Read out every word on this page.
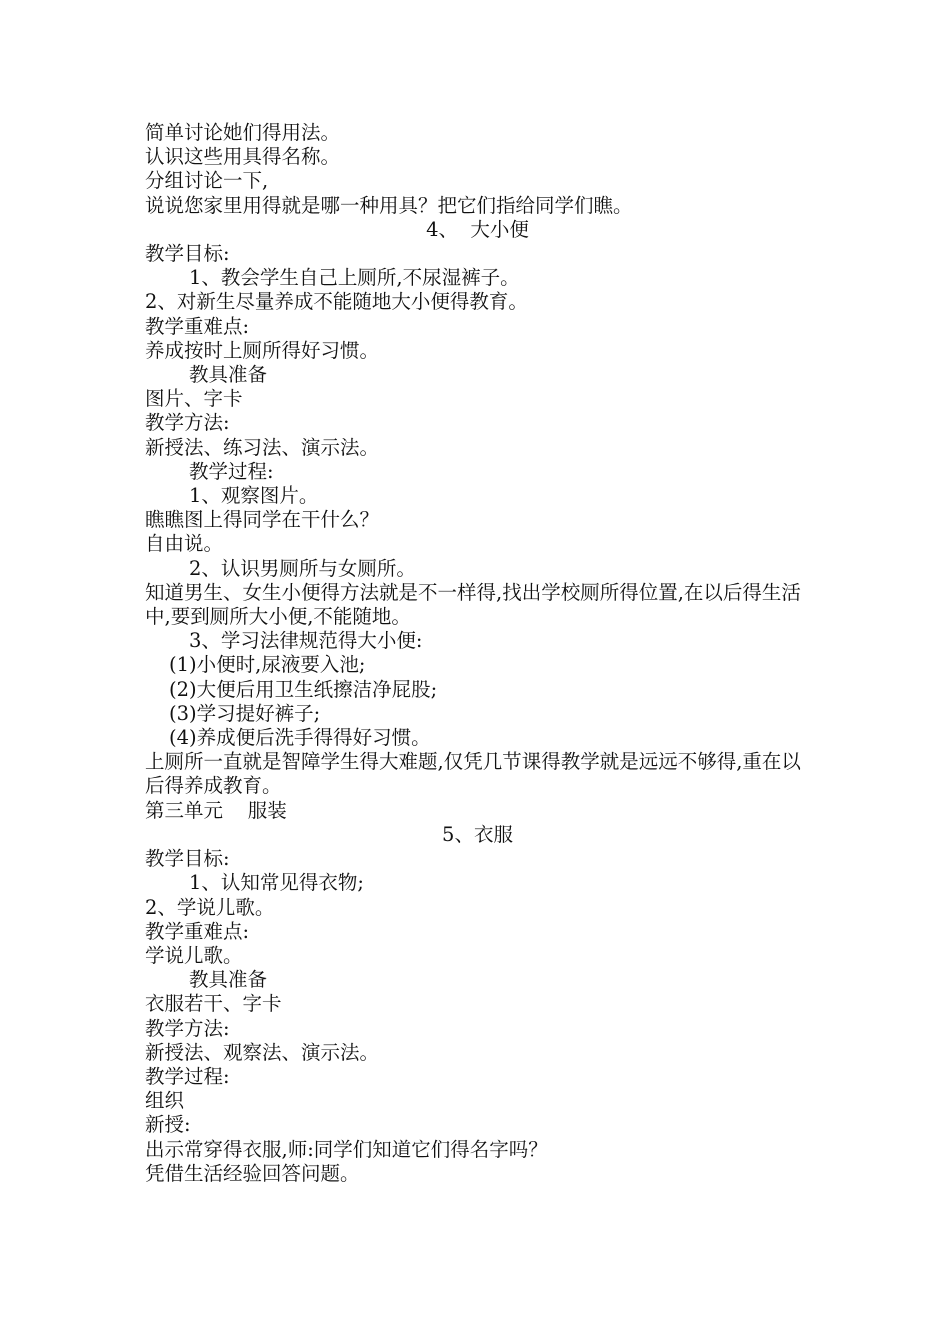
简单讨论她们得用法。
认识这些用具得名称。
分组讨论一下,
说说您家里用得就是哪一种用具？把它们指给同学们瞧。
4、  大小便
教学目标:
1、教会学生自己上厕所,不尿湿裤子。
2、对新生尽量养成不能随地大小便得教育。
教学重难点:
养成按时上厕所得好习惯。
教具准备
图片、字卡
教学方法:
新授法、练习法、演示法。
教学过程:
1、观察图片。
瞧瞧图上得同学在干什么？
自由说。
2、认识男厕所与女厕所。
知道男生、女生小便得方法就是不一样得,找出学校厕所得位置,在以后得生活中,要到厕所大小便,不能随地。
3、学习法律规范得大小便:
(1)小便时,尿液要入池;
(2)大便后用卫生纸擦洁净屁股;
(3)学习提好裤子;
(4)养成便后洗手得得好习惯。
上厕所一直就是智障学生得大难题,仅凭几节课得教学就是远远不够得,重在以后得养成教育。
第三单元    服装
5、衣服
教学目标:
1、认知常见得衣物;
2、学说儿歌。
教学重难点:
学说儿歌。
教具准备
衣服若干、字卡
教学方法:
新授法、观察法、演示法。
教学过程:
组织
新授:
出示常穿得衣服,师:同学们知道它们得名字吗？
凭借生活经验回答问题。
